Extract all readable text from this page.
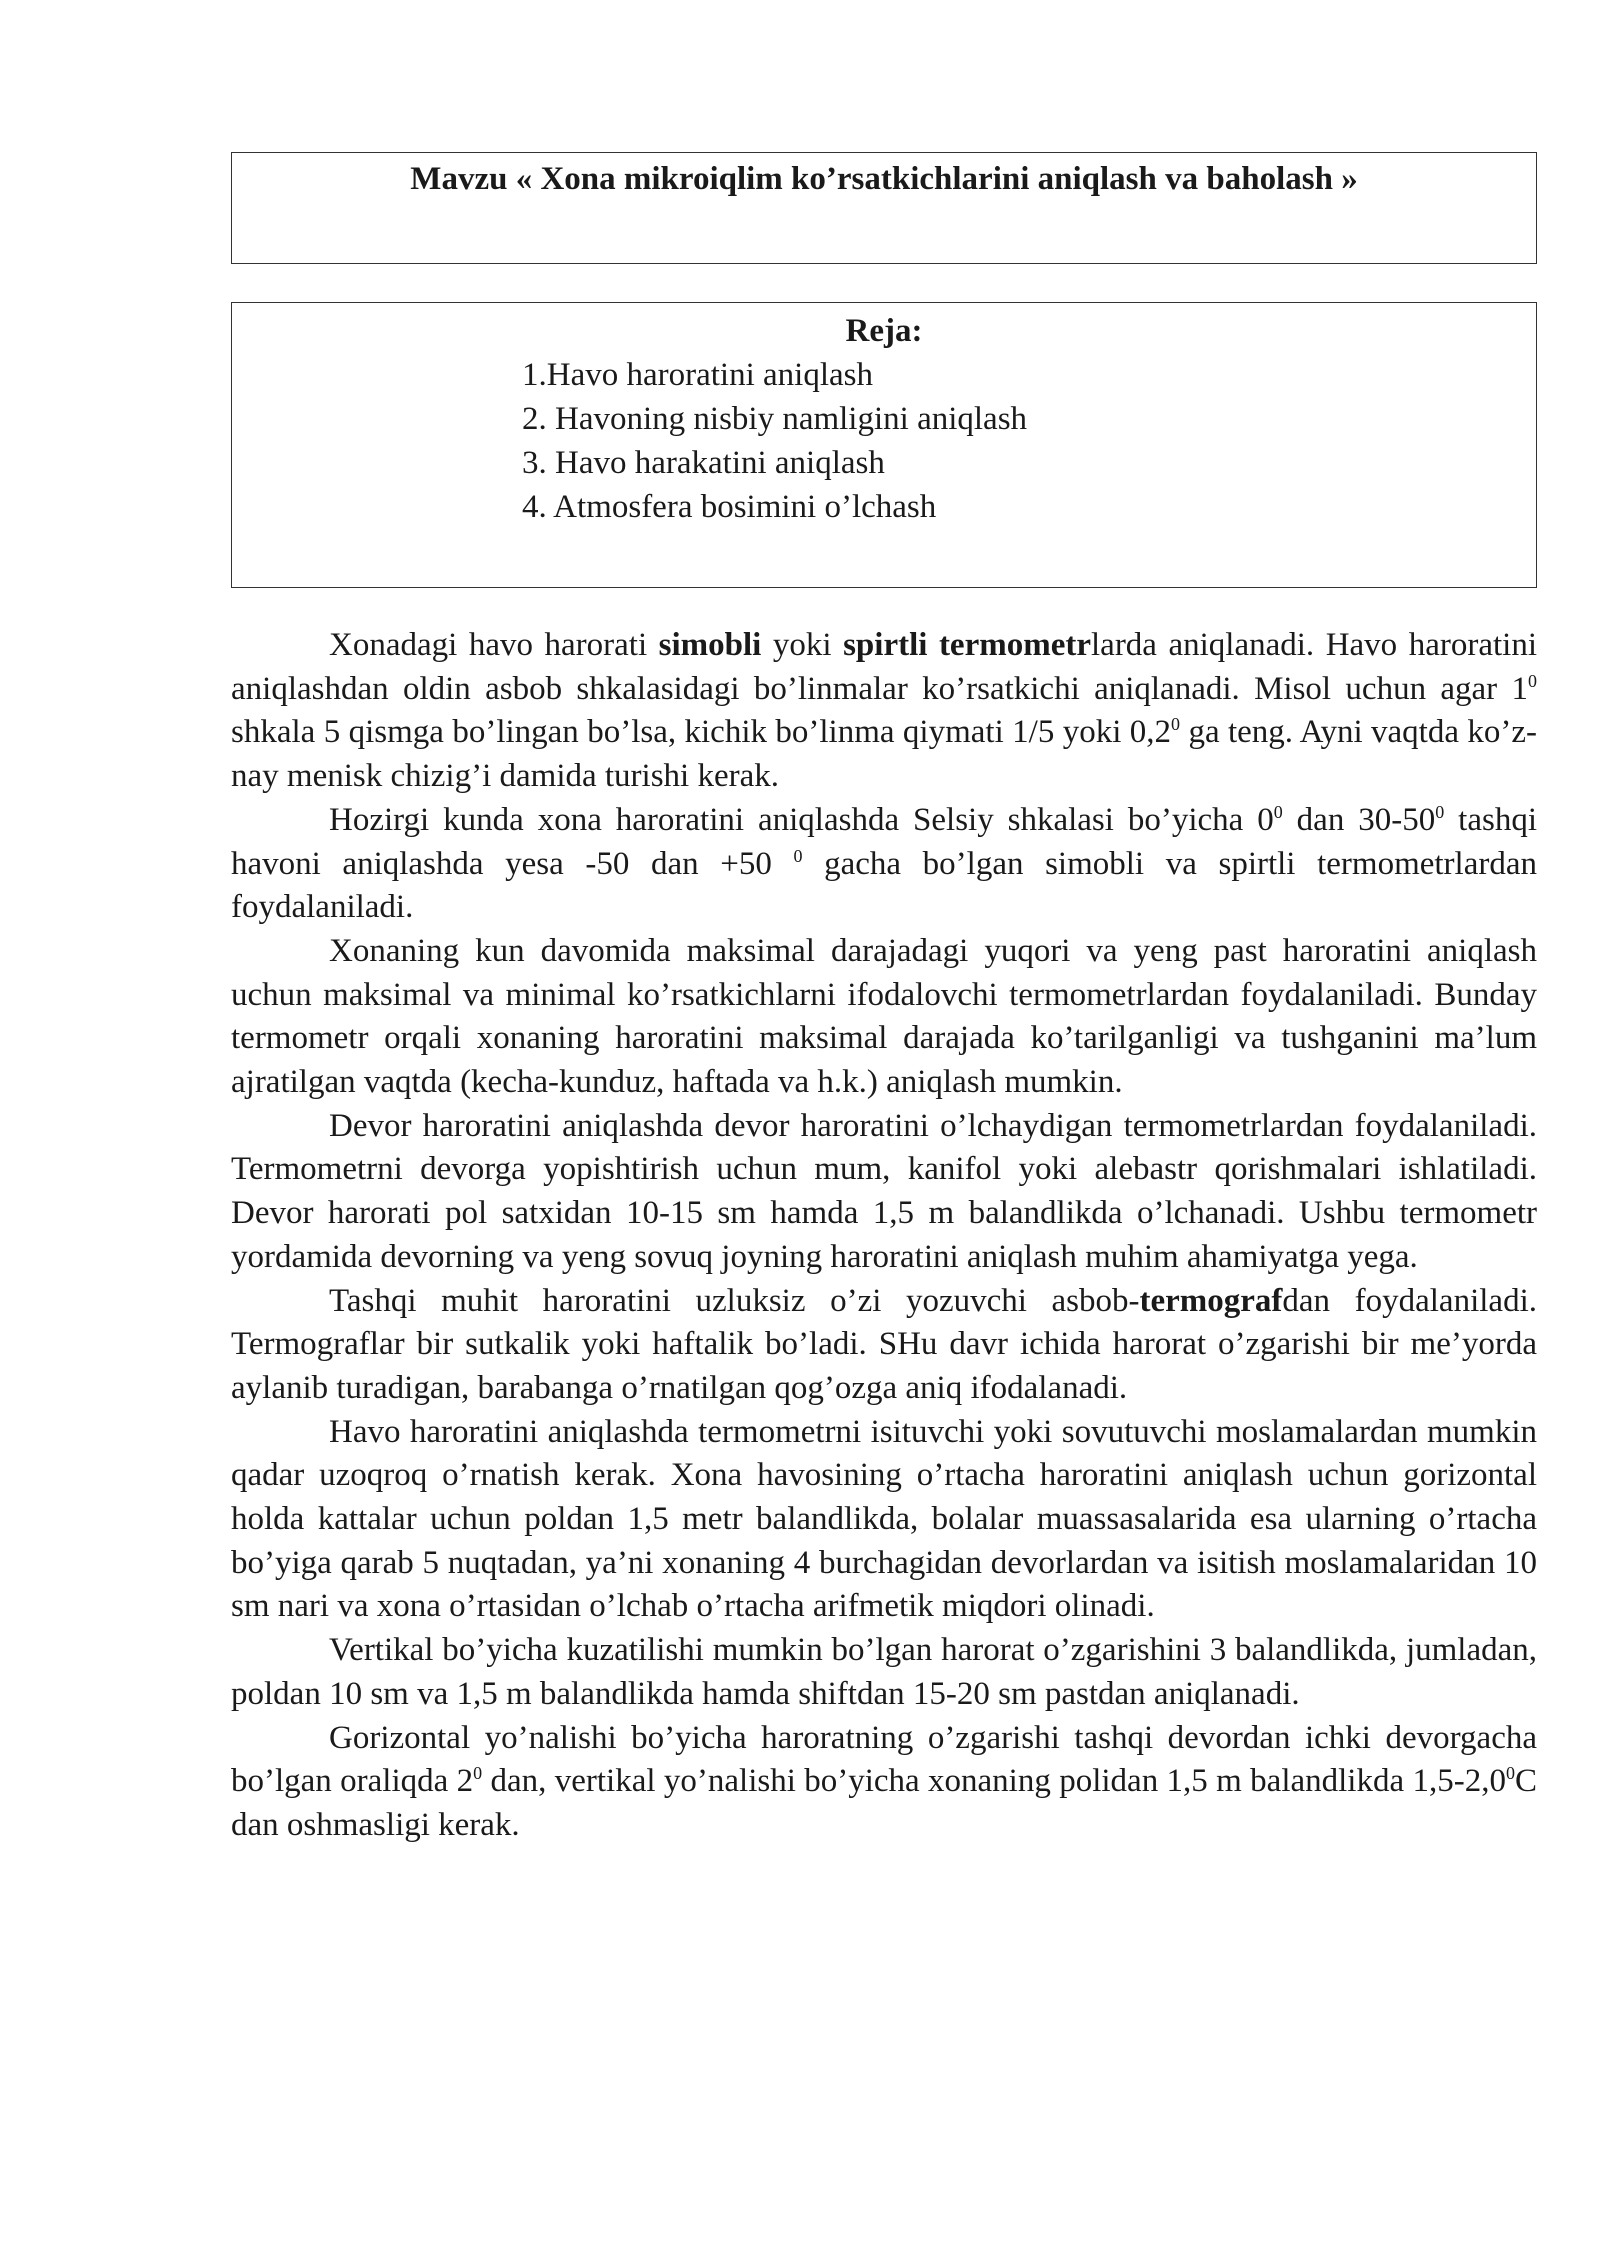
Mavzu « Xona mikroiqlim ko’rsatkichlarini aniqlash va baholash »

Reja:

1.Havo haroratini aniqlash
2. Havoning nisbiy namligini aniqlash
3. Havo harakatini aniqlash
4. Atmosfera bosimini o’lchash

Xonadagi havo harorati simobli yoki spirtli termometrlarda aniqlanadi. Havo haroratini aniqlashdan oldin asbob shkalasidagi bo’linmalar ko’rsatkichi aniqlanadi. Misol uchun agar $1^0$ shkala 5 qismga bo’lingan bo’lsa, kichik bo’linma qiymati 1/5 yoki $0,2^0$ ga teng. Ayni vaqtda ko’z-nay menisk chizig’i damida turishi kerak.

Hozirgi kunda xona haroratini aniqlashda Selsiy shkalasi bo’yicha $0^0$ dan $30-50^0$ tashqi havoni aniqlashda yesa -50 dan +50 $^0$ gacha bo’lgan simobli va spirtli termometrlardan foydalaniladi.

Xonaning kun davomida maksimal darajadagi yuqori va yeng past haroratini aniqlash uchun maksimal va minimal ko’rsatkichlarni ifodalovchi termometrlardan foydalaniladi. Bunday termometr orqali xonaning haroratini maksimal darajada ko’tarilganligi va tushganini ma’lum ajratilgan vaqtda (kecha-kunduz, haftada va h.k.) aniqlash mumkin.

Devor haroratini aniqlashda devor haroratini o’lchaydigan termometrlardan foydalaniladi. Termometrni devorga yopishtirish uchun mum, kanifol yoki alebastr qorishmalari ishlatiladi. Devor harorati pol satxidan 10-15 sm hamda 1,5 m balandlikda o’lchanadi. Ushbu termometr yordamida devorning va yeng sovuq joyning haroratini aniqlash muhim ahamiyatga yega.

Tashqi muhit haroratini uzluksiz o’zi yozuvchi asbob-termografdan foydalaniladi. Termograflar bir sutkalik yoki haftalik bo’ladi. SHu davr ichida harorat o’zgarishi bir me’yorda aylanib turadigan, barabanga o’rnatilgan qog’ozga aniq ifodalanadi.

Havo haroratini aniqlashda termometrni isituvchi yoki sovutuvchi moslamalardan mumkin qadar uzoqroq o’rnatish kerak. Xona havosining o’rtacha haroratini aniqlash uchun gorizontal holda kattalar uchun poldan 1,5 metr balandlikda, bolalar muassasalarida esa ularning o’rtacha bo’yiga qarab 5 nuqtadan, ya’ni xonaning 4 burchagidan devorlardan va isitish moslamalaridan 10 sm nari va xona o’rtasidan o’lchab o’rtacha arifmetik miqdori olinadi.

Vertikal bo’yicha kuzatilishi mumkin bo’lgan harorat o’zgarishini 3 balandlikda, jumladan, poldan 10 sm va 1,5 m balandlikda hamda shiftdan 15-20 sm pastdan aniqlanadi.

Gorizontal yo’nalishi bo’yicha haroratning o’zgarishi tashqi devordan ichki devorgacha bo’lgan oraliqda $2^0$ dan, vertikal yo’nalishi bo’yicha xonaning polidan 1,5 m balandlikda $1,5-2,0^0C$ dan oshmasligi kerak.
